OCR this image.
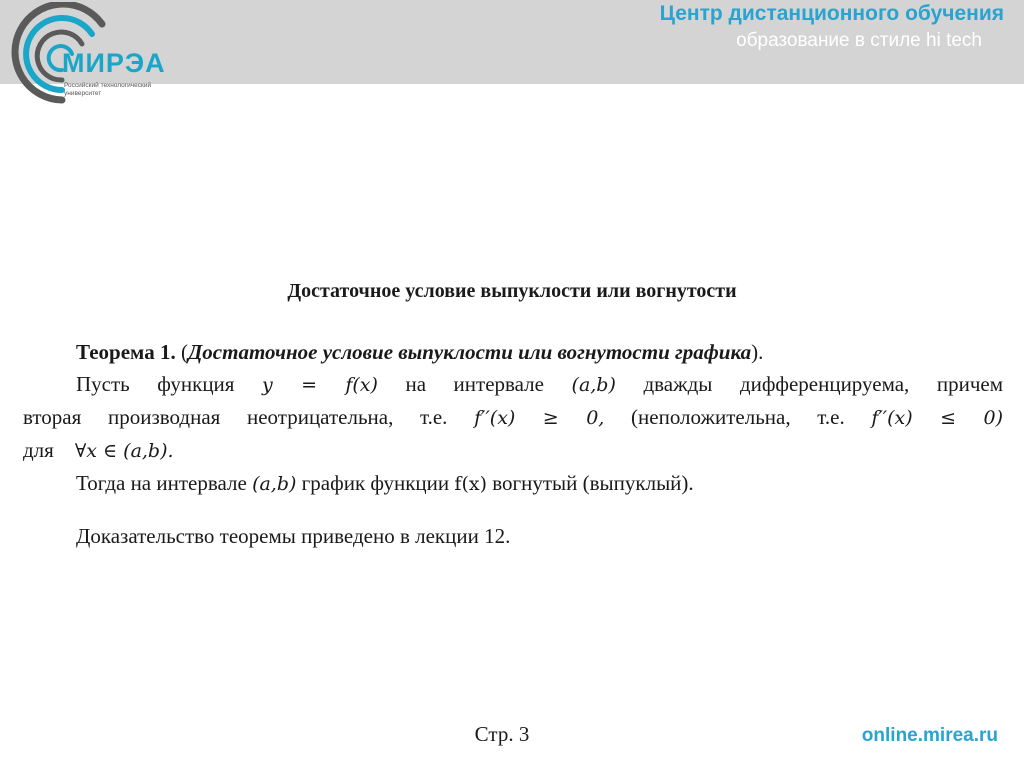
МИРЭА
Российский технологический университет
Центр дистанционного обучения
образование в стиле hi tech
Достаточное условие выпуклости или вогнутости

Теорема 1. (Достаточное условие выпуклости или вогнутости графика).

Пусть функция y = f(x) на интервале (a,b) дважды дифференцируема, причем

вторая производная неотрицательна, т.е. f′′(x) ≥ 0, (неположительна, т.е. f′′(x) ≤ 0)

для    ∀x ∈ (a,b).

Тогда на интервале (a,b) график функции f(x) вогнутый (выпуклый).

Доказательство теоремы приведено в лекции 12.
Стр. 3	online.mirea.ru
